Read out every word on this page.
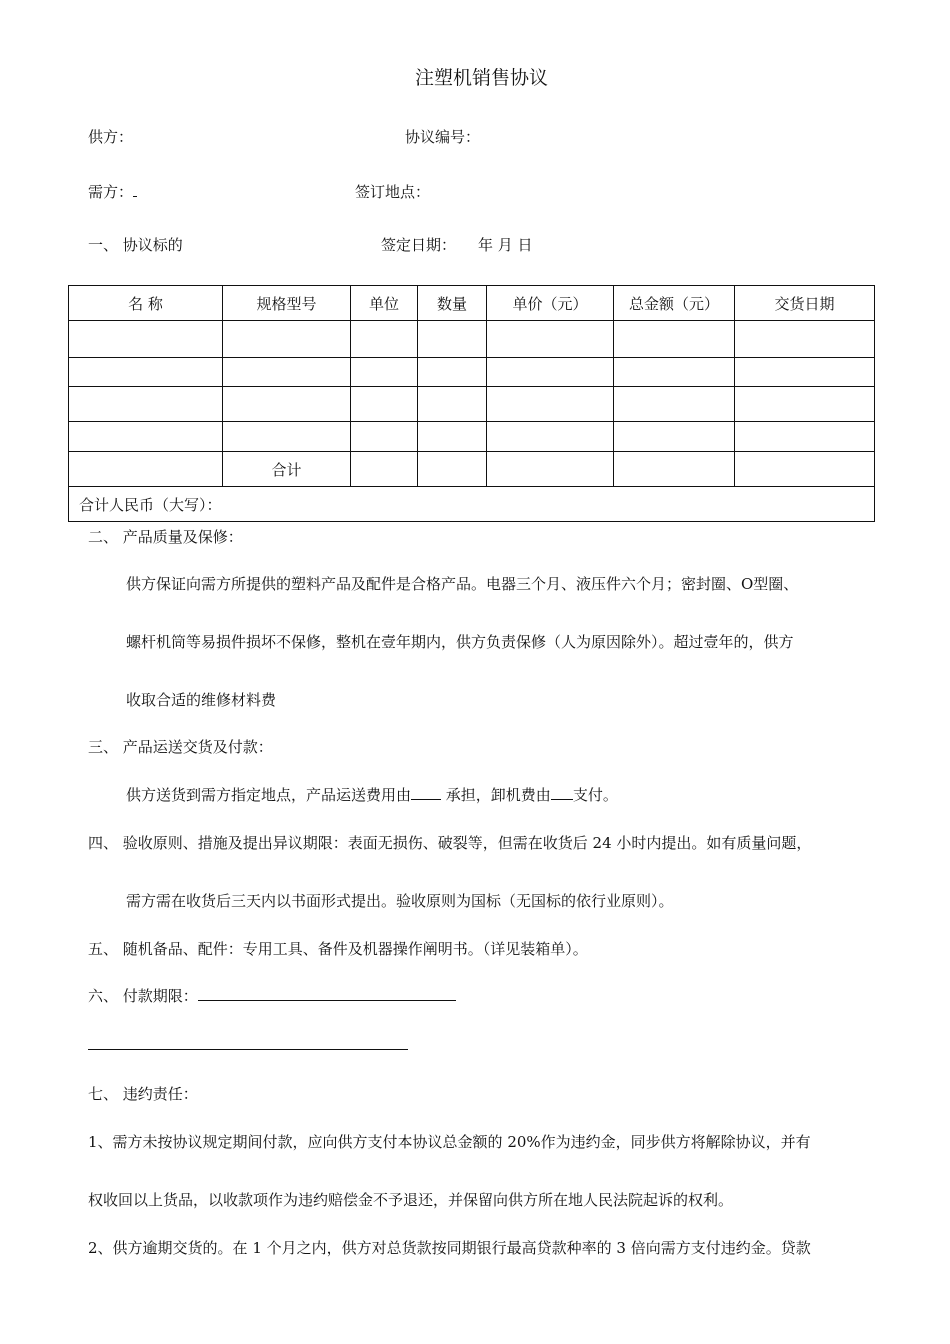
注塑机销售协议
供方：	协议编号：
需方：	签订地点：
一、 协议标的	签定日期： 年 月 日
名 称	规格型号	单位	数量	单价（元）	总金额（元）	交货日期

	合计					
合计人民币（大写）：						
二、 产品质量及保修：
供方保证向需方所提供的塑料产品及配件是合格产品。电器三个月、液压件六个月；密封圈、O型圈、
螺杆机筒等易损件损坏不保修，整机在壹年期内，供方负责保修（人为原因除外）。超过壹年的，供方
收取合适的维修材料费
三、 产品运送交货及付款：
供方送货到需方指定地点，产品运送费用由 承担，卸机费由 支付。
四、 验收原则、措施及提出异议期限：表面无损伤、破裂等，但需在收货后 24 小时内提出。如有质量问题，
需方需在收货后三天内以书面形式提出。验收原则为国标（无国标的依行业原则）。
五、 随机备品、配件：专用工具、备件及机器操作阐明书。（详见装箱单）。
六、 付款期限：
七、 违约责任：
1、需方未按协议规定期间付款，应向供方支付本协议总金额的 20%作为违约金，同步供方将解除协议，并有
权收回以上货品，以收款项作为违约赔偿金不予退还，并保留向供方所在地人民法院起诉的权利。
2、供方逾期交货的。在 1 个月之内，供方对总货款按同期银行最高贷款种率的 3 倍向需方支付违约金。贷款
